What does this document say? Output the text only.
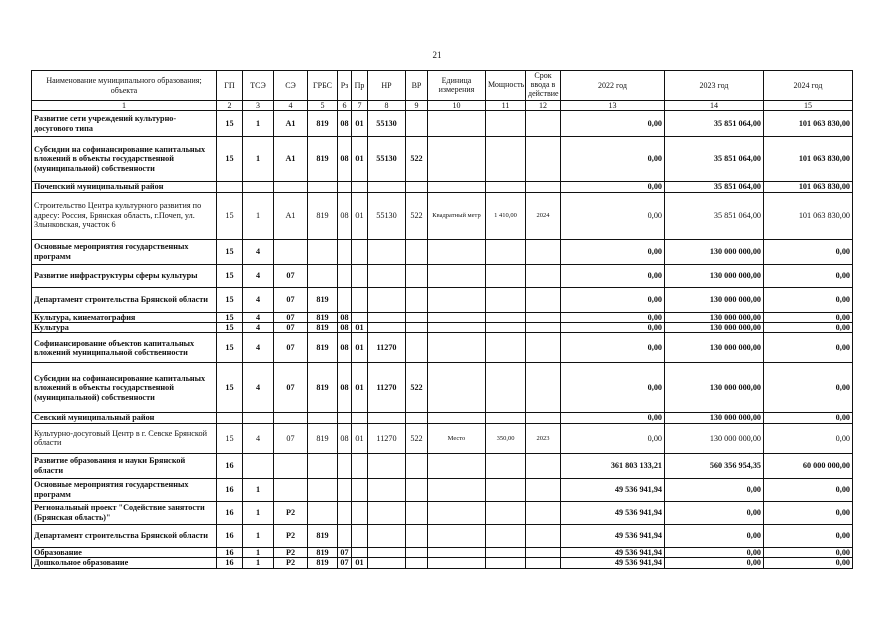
21
Наименование муниципального образования; объекта	ГП	ТСЭ	СЭ	ГРБС	Рз	Пр	НР	ВР	Единица измерения	Мощность	Срок ввода в действие	2022 год	2023 год	2024 год
1	2	3	4	5	6	7	8	9	10	11	12	13	14	15
Развитие сети учреждений культурно-досугового типа	15	1	А1	819	08	01	55130					0,00	35 851 064,00	101 063 830,00
Субсидии на софинансирование капитальных вложений в объекты государственной (муниципальной) собственности	15	1	А1	819	08	01	55130	522				0,00	35 851 064,00	101 063 830,00
Почепский муниципальный район												0,00	35 851 064,00	101 063 830,00
Строительство Центра культурного развития по адресу: Россия, Брянская область, г.Почеп, ул. Злынковская, участок 6	15	1	А1	819	08	01	55130	522	Квадратный метр	1 410,00	2024	0,00	35 851 064,00	101 063 830,00
Основные мероприятия государственных программ	15	4										0,00	130 000 000,00	0,00
Развитие инфраструктуры сферы культуры	15	4	07									0,00	130 000 000,00	0,00
Департамент строительства Брянской области	15	4	07	819								0,00	130 000 000,00	0,00
Культура, кинематография	15	4	07	819	08							0,00	130 000 000,00	0,00
Культура	15	4	07	819	08	01						0,00	130 000 000,00	0,00
Софинансирование объектов капитальных вложений муниципальной собственности	15	4	07	819	08	01	11270					0,00	130 000 000,00	0,00
Субсидии на софинансирование капитальных вложений в объекты государственной (муниципальной) собственности	15	4	07	819	08	01	11270	522				0,00	130 000 000,00	0,00
Севский муниципальный район												0,00	130 000 000,00	0,00
Культурно-досуговый Центр в г. Севске Брянской области	15	4	07	819	08	01	11270	522	Место	350,00	2023	0,00	130 000 000,00	0,00
Развитие образования и науки Брянской области	16											361 803 133,21	560 356 954,35	60 000 000,00
Основные мероприятия государственных программ	16	1										49 536 941,94	0,00	0,00
Региональный проект "Содействие занятости (Брянская область)"	16	1	Р2									49 536 941,94	0,00	0,00
Департамент строительства Брянской области	16	1	Р2	819								49 536 941,94	0,00	0,00
Образование	16	1	Р2	819	07							49 536 941,94	0,00	0,00
Дошкольное образование	16	1	Р2	819	07	01						49 536 941,94	0,00	0,00
